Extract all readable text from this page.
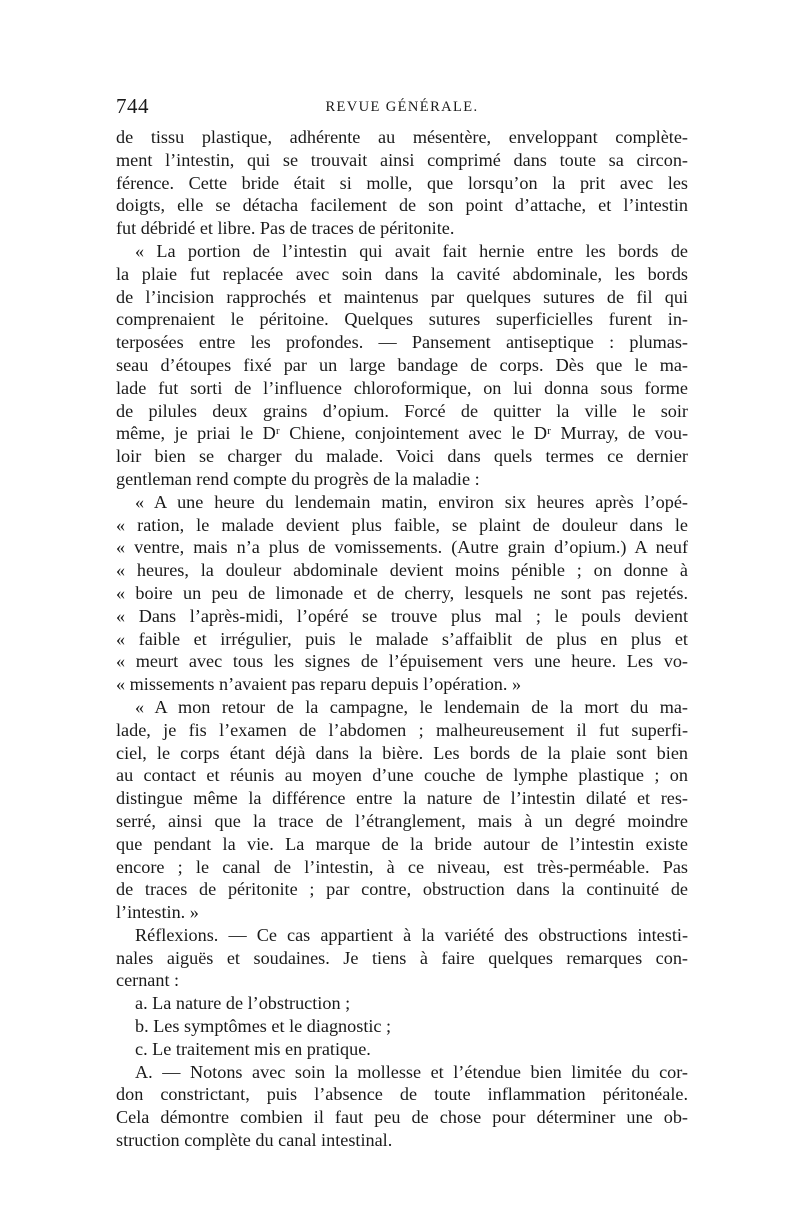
744	REVUE GÉNÉRALE.
de tissu plastique, adhérente au mésentère, enveloppant complète-
ment l’intestin, qui se trouvait ainsi comprimé dans toute sa circon-
férence. Cette bride était si molle, que lorsqu’on la prit avec les
doigts, elle se détacha facilement de son point d’attache, et l’intestin
fut débridé et libre. Pas de traces de péritonite.
« La portion de l’intestin qui avait fait hernie entre les bords de
la plaie fut replacée avec soin dans la cavité abdominale, les bords
de l’incision rapprochés et maintenus par quelques sutures de fil qui
comprenaient le péritoine. Quelques sutures superficielles furent in-
terposées entre les profondes. — Pansement antiseptique : plumas-
seau d’étoupes fixé par un large bandage de corps. Dès que le ma-
lade fut sorti de l’influence chloroformique, on lui donna sous forme
de pilules deux grains d’opium. Forcé de quitter la ville le soir
même, je priai le Dʳ Chiene, conjointement avec le Dʳ Murray, de vou-
loir bien se charger du malade. Voici dans quels termes ce dernier
gentleman rend compte du progrès de la maladie :
« A une heure du lendemain matin, environ six heures après l’opé-
« ration, le malade devient plus faible, se plaint de douleur dans le
« ventre, mais n’a plus de vomissements. (Autre grain d’opium.) A neuf
« heures, la douleur abdominale devient moins pénible ; on donne à
« boire un peu de limonade et de cherry, lesquels ne sont pas rejetés.
« Dans l’après-midi, l’opéré se trouve plus mal ; le pouls devient
« faible et irrégulier, puis le malade s’affaiblit de plus en plus et
« meurt avec tous les signes de l’épuisement vers une heure. Les vo-
« missements n’avaient pas reparu depuis l’opération. »
« A mon retour de la campagne, le lendemain de la mort du ma-
lade, je fis l’examen de l’abdomen ; malheureusement il fut superfi-
ciel, le corps étant déjà dans la bière. Les bords de la plaie sont bien
au contact et réunis au moyen d’une couche de lymphe plastique ; on
distingue même la différence entre la nature de l’intestin dilaté et res-
serré, ainsi que la trace de l’étranglement, mais à un degré moindre
que pendant la vie. La marque de la bride autour de l’intestin existe
encore ; le canal de l’intestin, à ce niveau, est très-perméable. Pas
de traces de péritonite ; par contre, obstruction dans la continuité de
l’intestin. »
Réflexions. — Ce cas appartient à la variété des obstructions intesti-
nales aiguës et soudaines. Je tiens à faire quelques remarques con-
cernant :
a. La nature de l’obstruction ;
b. Les symptômes et le diagnostic ;
c. Le traitement mis en pratique.
A. — Notons avec soin la mollesse et l’étendue bien limitée du cor-
don constrictant, puis l’absence de toute inflammation péritonéale.
Cela démontre combien il faut peu de chose pour déterminer une ob-
struction complète du canal intestinal.
